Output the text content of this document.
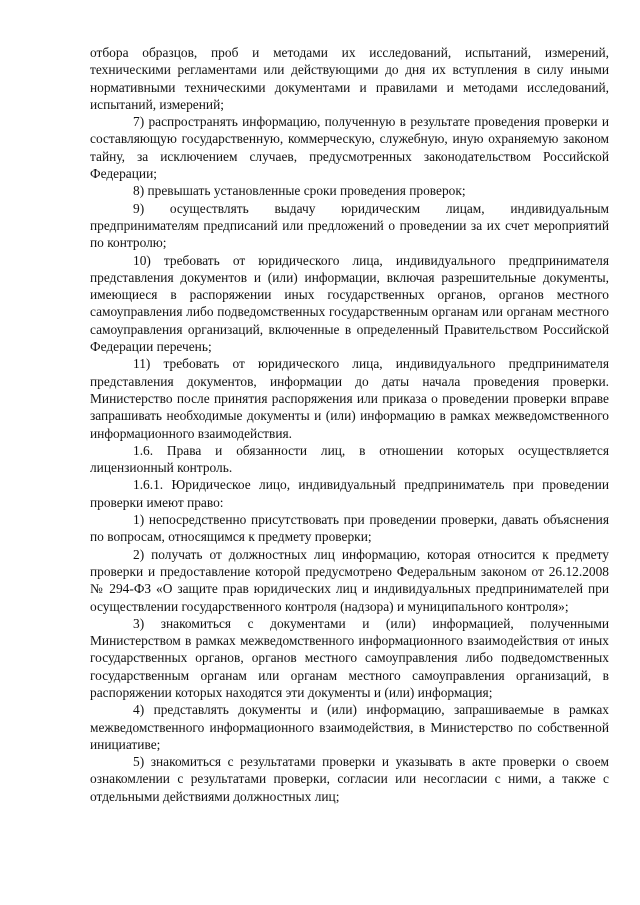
отбора образцов, проб и методами их исследований, испытаний, измерений, техническими регламентами или действующими до дня их вступления в силу иными нормативными техническими документами и правилами и методами исследований, испытаний, измерений;

7) распространять информацию, полученную в результате проведения проверки и составляющую государственную, коммерческую, служебную, иную охраняемую законом тайну, за исключением случаев, предусмотренных законодательством Российской Федерации;

8) превышать установленные сроки проведения проверок;

9) осуществлять выдачу юридическим лицам, индивидуальным предпринимателям предписаний или предложений о проведении за их счет мероприятий по контролю;

10) требовать от юридического лица, индивидуального предпринимателя представления документов и (или) информации, включая разрешительные документы, имеющиеся в распоряжении иных государственных органов, органов местного самоуправления либо подведомственных государственным органам или органам местного самоуправления организаций, включенные в определенный Правительством Российской Федерации перечень;

11) требовать от юридического лица, индивидуального предпринимателя представления документов, информации до даты начала проведения проверки. Министерство после принятия распоряжения или приказа о проведении проверки вправе запрашивать необходимые документы и (или) информацию в рамках межведомственного информационного взаимодействия.

1.6. Права и обязанности лиц, в отношении которых осуществляется лицензионный контроль.

1.6.1. Юридическое лицо, индивидуальный предприниматель при проведении проверки имеют право:

1) непосредственно присутствовать при проведении проверки, давать объяснения по вопросам, относящимся к предмету проверки;

2) получать от должностных лиц информацию, которая относится к предмету проверки и предоставление которой предусмотрено Федеральным законом от 26.12.2008 № 294-ФЗ «О защите прав юридических лиц и индивидуальных предпринимателей при осуществлении государственного контроля (надзора) и муниципального контроля»;

3) знакомиться с документами и (или) информацией, полученными Министерством в рамках межведомственного информационного взаимодействия от иных государственных органов, органов местного самоуправления либо подведомственных государственным органам или органам местного самоуправления организаций, в распоряжении которых находятся эти документы и (или) информация;

4) представлять документы и (или) информацию, запрашиваемые в рамках межведомственного информационного взаимодействия, в Министерство по собственной инициативе;

5) знакомиться с результатами проверки и указывать в акте проверки о своем ознакомлении с результатами проверки, согласии или несогласии с ними, а также с отдельными действиями должностных лиц;
